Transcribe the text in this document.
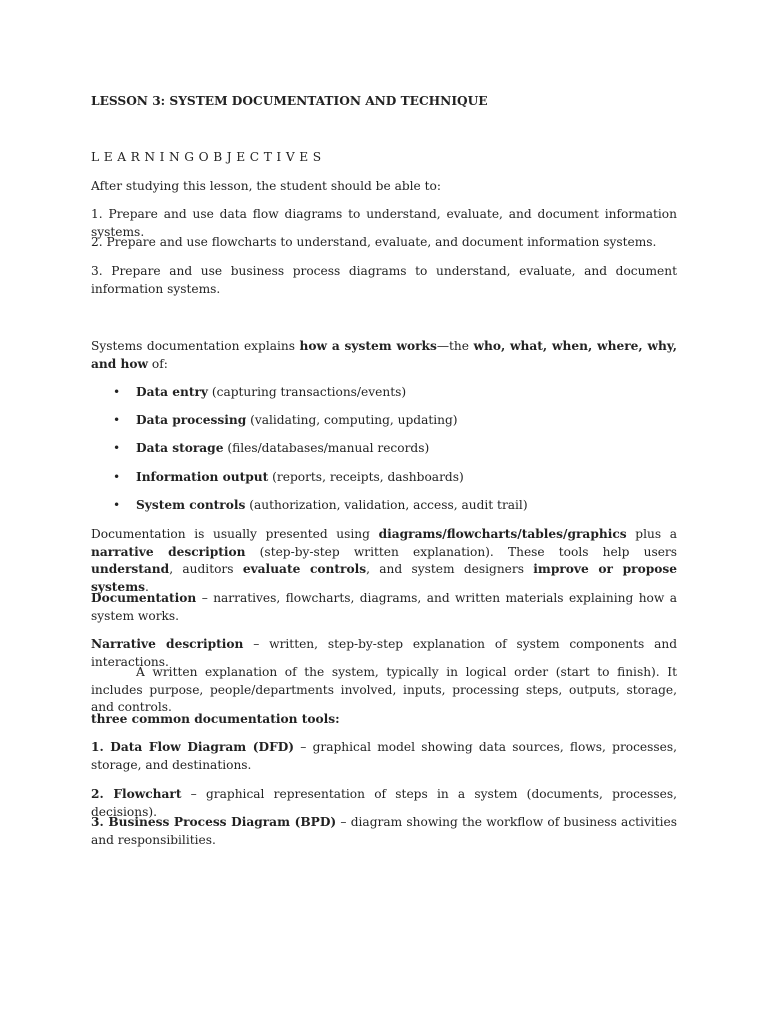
LESSON 3: SYSTEM DOCUMENTATION AND TECHNIQUE

LEARNINGOBJECTIVES

After studying this lesson, the student should be able to:

1. Prepare and use data flow diagrams to understand, evaluate, and document information systems.

2. Prepare and use flowcharts to understand, evaluate, and document information systems.

3. Prepare and use business process diagrams to understand, evaluate, and document information systems.

Systems documentation explains how a system works—the who, what, when, where, why, and how of:

• Data entry (capturing transactions/events)
• Data processing (validating, computing, updating)
• Data storage (files/databases/manual records)
• Information output (reports, receipts, dashboards)
• System controls (authorization, validation, access, audit trail)

Documentation is usually presented using diagrams/flowcharts/tables/graphics plus a narrative description (step-by-step written explanation). These tools help users understand, auditors evaluate controls, and system designers improve or propose systems.

Documentation – narratives, flowcharts, diagrams, and written materials explaining how a system works.

Narrative description – written, step-by-step explanation of system components and interactions.

A written explanation of the system, typically in logical order (start to finish). It includes purpose, people/departments involved, inputs, processing steps, outputs, storage, and controls.

three common documentation tools:

1. Data Flow Diagram (DFD) – graphical model showing data sources, flows, processes, storage, and destinations.

2. Flowchart – graphical representation of steps in a system (documents, processes, decisions).

3. Business Process Diagram (BPD) – diagram showing the workflow of business activities and responsibilities.
